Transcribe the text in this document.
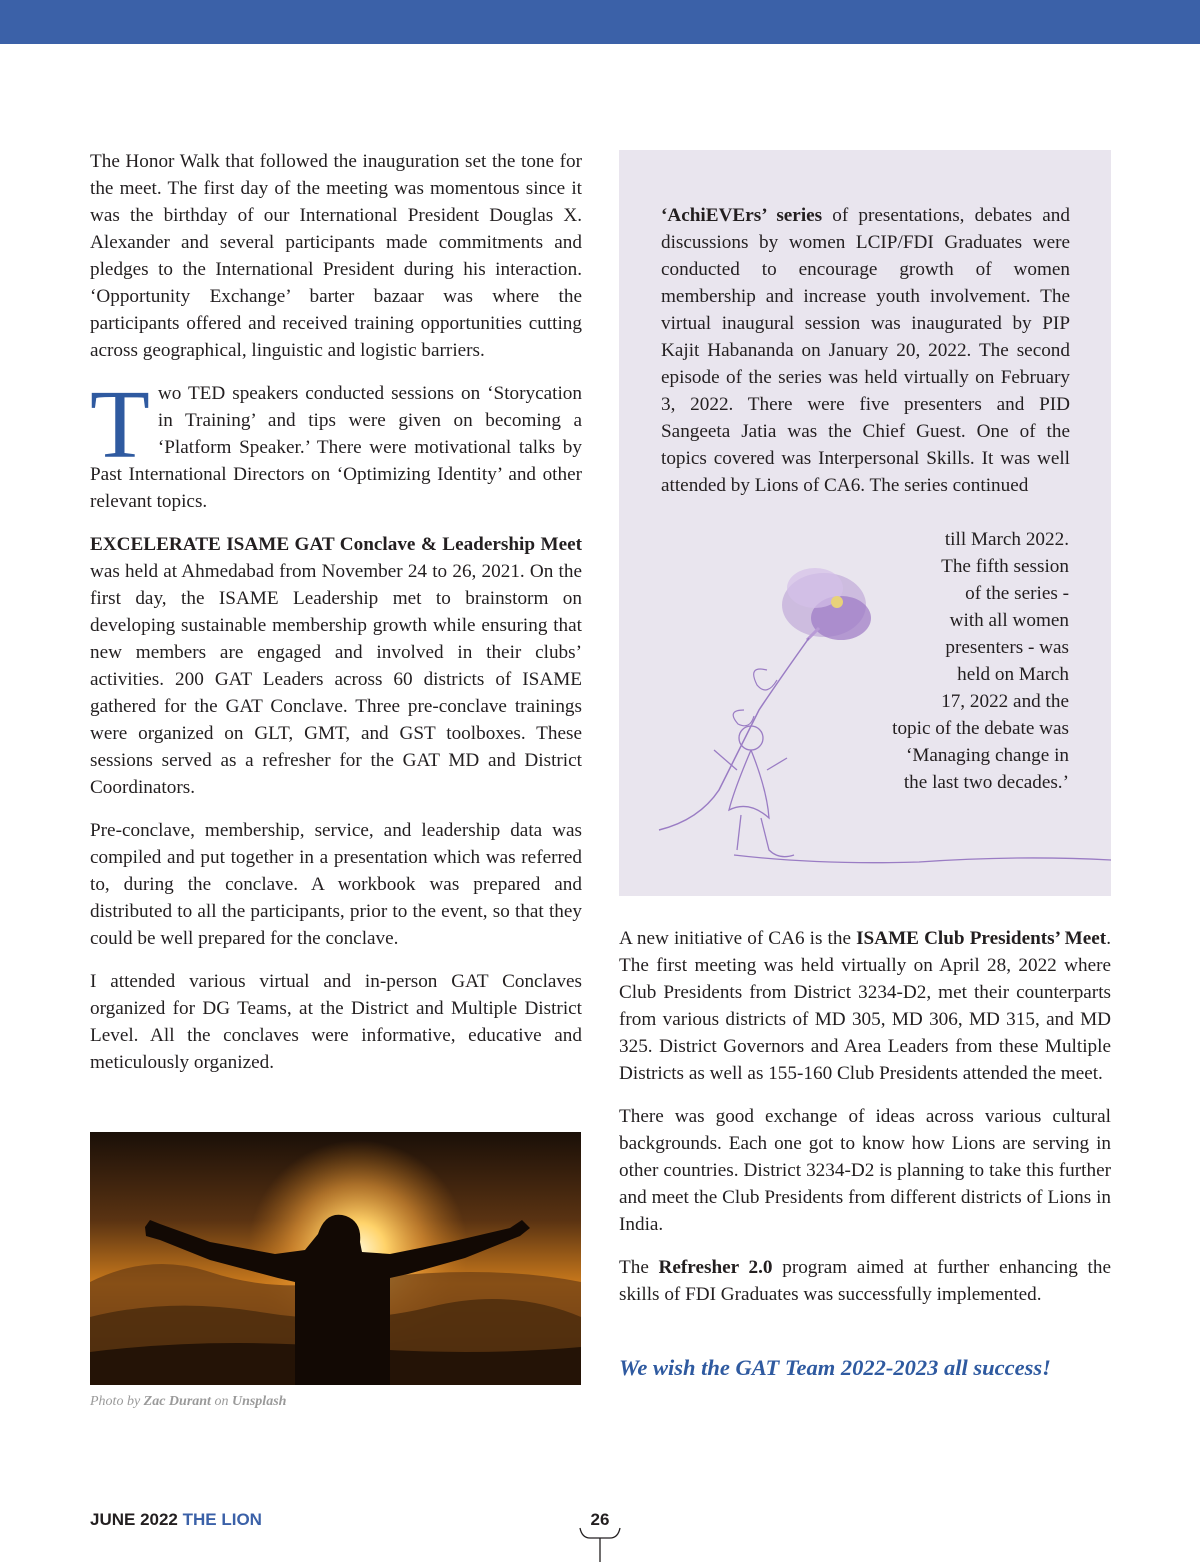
The Honor Walk that followed the inauguration set the tone for the meet. The first day of the meeting was momentous since it was the birthday of our International President Douglas X. Alexander and several participants made commitments and pledges to the International President during his interaction. ‘Opportunity Exchange’ barter bazaar was where the participants offered and received training opportunities cutting across geographical, linguistic and logistic barriers.

Two TED speakers conducted sessions on ‘Storycation in Training’ and tips were given on becoming a ‘Platform Speaker.’ There were motivational talks by Past International Directors on ‘Optimizing Identity’ and other relevant topics.

EXCELERATE ISAME GAT Conclave & Leadership Meet was held at Ahmedabad from November 24 to 26, 2021. On the first day, the ISAME Leadership met to brainstorm on developing sustainable membership growth while ensuring that new members are engaged and involved in their clubs’ activities. 200 GAT Leaders across 60 districts of ISAME gathered for the GAT Conclave. Three pre-conclave trainings were organized on GLT, GMT, and GST toolboxes. These sessions served as a refresher for the GAT MD and District Coordinators.

Pre-conclave, membership, service, and leadership data was compiled and put together in a presentation which was referred to, during the conclave. A workbook was prepared and distributed to all the participants, prior to the event, so that they could be well prepared for the conclave.

I attended various virtual and in-person GAT Conclaves organized for DG Teams, at the District and Multiple District Level. All the conclaves were informative, educative and meticulously organized.

Photo by Zac Durant on Unsplash
‘AchiEVErs’ series of presentations, debates and discussions by women LCIP/FDI Graduates were conducted to encourage growth of women membership and increase youth involvement. The virtual inaugural session was inaugurated by PIP Kajit Habananda on January 20, 2022. The second episode of the series was held virtually on February 3, 2022. There were five presenters and PID Sangeeta Jatia was the Chief Guest. One of the topics covered was Interpersonal Skills. It was well attended by Lions of CA6. The series continued
till March 2022.
The fifth session
of the series -
with all women
presenters - was
held on March
17, 2022 and the
topic of the debate was
‘Managing change in
the last two decades.’

A new initiative of CA6 is the ISAME Club Presidents’ Meet. The first meeting was held virtually on April 28, 2022 where Club Presidents from District 3234-D2, met their counterparts from various districts of MD 305, MD 306, MD 315, and MD 325. District Governors and Area Leaders from these Multiple Districts as well as 155-160 Club Presidents attended the meet.

There was good exchange of ideas across various cultural backgrounds. Each one got to know how Lions are serving in other countries. District 3234-D2 is planning to take this further and meet the Club Presidents from different districts of Lions in India.

The Refresher 2.0 program aimed at further enhancing the skills of FDI Graduates was successfully implemented.

We wish the GAT Team 2022-2023 all success!
JUNE 2022 THE LION	26
